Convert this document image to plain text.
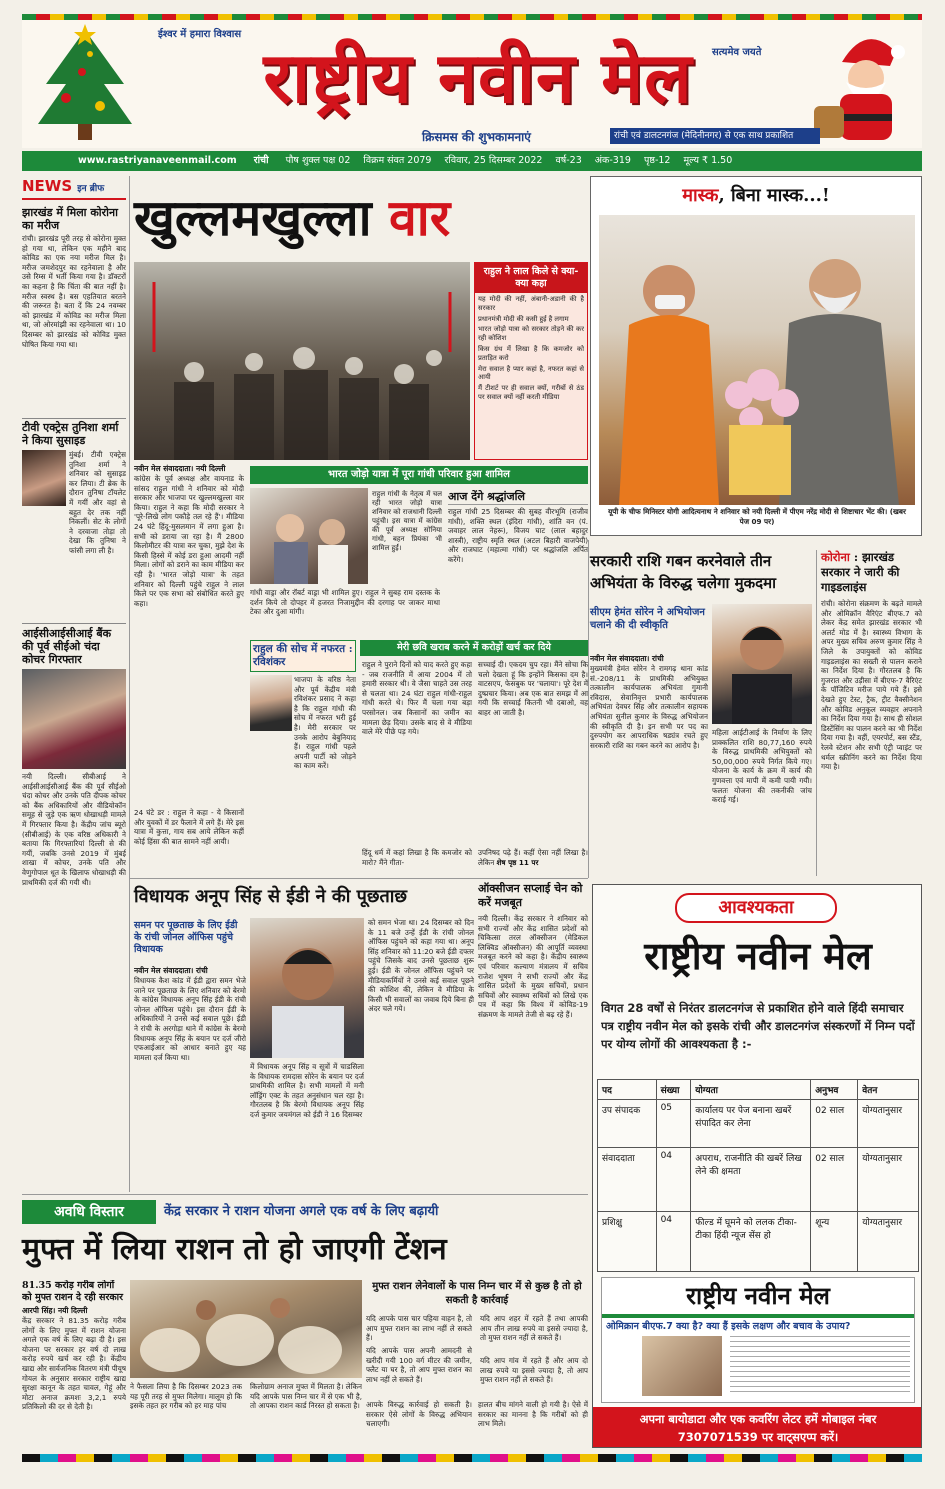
ईश्वर में हमारा विश्वास
सत्यमेव जयते
राष्ट्रीय नवीन मेल
क्रिसमस की शुभकामनाएं	रांची एवं डालटनगंज (मेदिनीनगर) से एक साथ प्रकाशित
www.rastriyanaveenmail.com रांची पौष शुक्ल पक्ष 02 विक्रम संवत 2079 रविवार, 25 दिसम्बर 2022 वर्ष-23 अंक-319 पृष्ठ-12 मूल्य ₹ 1.50
NEWS इन ब्रीफ
झारखंड में मिला कोरोना का मरीज
रांची। झारखंड पूरी तरह से कोरोना मुक्त हो गया था, लेकिन एक महीने बाद कोविड का एक नया मरीज मिल है। मरीज जमशेदपुर का रहनेवाला है और उसे रिम्स में भर्ती किया गया है। डॉक्टरों का कहना है कि चिंता की बात नहीं है। मरीज स्वस्थ है। बस एहतियात बरतने की जरूरत है। बता दें कि 24 नवम्बर को झारखंड में कोविड का मरीज मिला था, जो ओरमांझी का रहनेवाला था। 10 दिसम्बर को झारखंड को कोविड मुक्त घोषित किया गया था।
टीवी एक्ट्रेस तुनिशा शर्मा ने किया सुसाइड
मुंबई। टीवी एक्ट्रेस तुनिशा शर्मा ने शनिवार को सुसाइड कर लिया। टी ब्रेक के दौरान तुनिषा टॉयलेट में गयीं और वहां से बहुत देर तक नहीं निकलीं। सेट के लोगों ने दरवाजा तोड़ा तो देखा कि तुनिषा ने फांसी लगा ली है।
आईसीआईसीआई बैंक की पूर्व सीईओ चंदा कोचर गिरफ्तार
नयी दिल्ली। सीबीआई ने आईसीआईसीआई बैंक की पूर्व सीईओ चंदा कोचर और उनके पति दीपक कोचर को बैंक अधिकारियों और वीडियोकॉन समूह से जुड़े एक ऋण धोखाधड़ी मामले में गिरफ्तार किया है। केंद्रीय जांच ब्यूरो (सीबीआई) के एक वरिष्ठ अधिकारी ने बताया कि गिरफ्तारियां दिल्ली से की गयीं, जबकि उनसे 2019 में मुंबई शाखा में कोचर, उनके पति और वेणुगोपाल धूत के खिलाफ धोखाधड़ी की प्राथमिकी दर्ज की गयी थी।
खुल्लमखुल्ला वार
राहुल ने लाल किले से क्या-क्या कहा
यह मोदी की नहीं, अंबानी-अडानी की है सरकार
प्रधानमंत्री मोदी की कसी हुई है लगाम
भारत जोड़ो यात्रा को सरकार तोड़ने की कर रही कोशिश
किस ग्रंथ में लिखा है कि कमजोर को प्रताड़ित करो
मेरा सवाल है प्यार कहां है, नफरत कहां से आयी
मैं टीशर्ट पर ही सवाल क्यों, गरीबों से ठंड पर सवाल क्यों नहीं करती मीडिया
नवीन मेल संवाददाता। नयी दिल्ली
कांग्रेस के पूर्व अध्यक्ष और वायनाड के सांसद राहुल गांधी ने शनिवार को मोदी सरकार और भाजपा पर खुल्लमखुल्ला वार किया। राहुल ने कहा कि मोदी सरकार ने 'पूरे-लिखे लोग पकौड़े तल रहे हैं'। मीडिया 24 घंटे हिंदू-मुसलमान में लगा हुआ है। सभी को डराया जा रहा है। मैं 2800 किलोमीटर की यात्रा कर चुका, मुझे देश के किसी हिस्से में कोई डरा हुआ आदमी नहीं मिला। लोगों को डराने का काम मीडिया कर रही है। 'भारत जोड़ो यात्रा' के तहत शनिवार को दिल्ली पहुंचे राहुल ने लाल किले पर एक सभा को संबोधित करते हुए कहा।
24 घंटे डर : राहुल ने कहा - ये किसानों और युवकों में डर फैलाने में लगे हैं। मेरे इस यात्रा में कुत्ता, गाय सब आये लेकिन कहीं कोई हिंसा की बात सामने नहीं आयी।
भारत जोड़ो यात्रा में पूरा गांधी परिवार हुआ शामिल
राहुल गांधी के नेतृत्व में चल रही भारत जोड़ो यात्रा शनिवार को राजधानी दिल्ली पहुंची। इस यात्रा में कांग्रेस की पूर्व अध्यक्ष सोनिया गांधी, बहन प्रियंका भी शामिल हुईं।
गांधी वाड्रा और रॉबर्ट वाड्रा भी शामिल हुए। राहुल ने सुबह राम दस्तक के दर्शन किये तो दोपहर में हजरत निजामुद्दीन की दरगाह पर जाकर माथा टेका और दुआ मांगी।
आज देंगे श्रद्धांजलि
राहुल गांधी 25 दिसम्बर की सुबह वीरभूमि (राजीव गांधी), शक्ति स्थल (इंदिरा गांधी), शांति वन (पं. जवाहर लाल नेहरू), विजय घाट (लाल बहादुर शास्त्री), राष्ट्रीय स्मृति स्थल (अटल बिहारी वाजपेयी) और राजघाट (महात्मा गांधी) पर श्रद्धांजलि अर्पित करेंगे।
राहुल की सोच में नफरत : रविशंकर
भाजपा के वरिष्ठ नेता और पूर्व केंद्रीय मंत्री रविशंकर प्रसाद ने कहा है कि राहुल गांधी की सोच में नफरत भरी हुई है। मेरी सरकार पर उनके आरोप बेबुनियाद हैं। राहुल गांधी पहले अपनी पार्टी को जोड़ने का काम करें।
मेरी छवि खराब करने में करोड़ों खर्च कर दिये
राहुल ने पुराने दिनों को याद करते हुए कहा - जब राजनीति में आया 2004 में तो हमारी सरकार थी। वे जैसा चाहते उस तरह से चलता था। 24 घंटा राहुल गांधी-राहुल गांधी करते थे। फिर मैं चला गया बड़ा परसोनल। जब किसानों का जमीन का मामला छेड़ दिया। उसके बाद से वे मीडिया वाले मेरे पीछे पड़ गये।
सच्चाई दी। एकदम चुप रहा। मैंने सोचा कि चलो देखता हूं कि इन्होंने किसका दम है। वाटसएप, फेसबुक पर 'चलाया'। पूरे देश में दुष्प्रचार किया। अब एक बात समझ में आ गयी कि सच्चाई कितनी भी दबाओ, वह बाहर आ जाती है।
हिंदू धर्म में कहां लिखा है कि कमजोर को मारो? मैंने गीता-
उपनिषद पढ़े हैं। कहीं ऐसा नहीं लिखा है। लेकिन शेष पृष्ठ 11 पर
मास्क, बिना मास्क...!
यूपी के चीफ मिनिस्टर योगी आदित्यनाथ ने शनिवार को नयी दिल्ली में पीएम नरेंद्र मोदी से शिष्टाचार भेंट की। (खबर पेज 09 पर)
सरकारी राशि गबन करनेवाले तीन अभियंता के विरुद्ध चलेगा मुकदमा
सीएम हेमंत सोरेन ने अभियोजन चलाने की दी स्वीकृति
नवीन मेल संवाददाता। रांची
मुख्यमंत्री हेमंत सोरेन ने रामगढ़ थाना कांड सं.-208/11 के प्राथमिकी अभियुक्त तत्कालीन कार्यपालक अभियंता गुमानी रविदास, सेवानिवृत्त प्रभारी कार्यपालक अभियंता देवघर सिंह और तत्कालीन सहायक अभियंता सुनील कुमार के विरुद्ध अभियोजन की स्वीकृति दी है। इन सभी पर पद का दुरुपयोग कर आपराधिक षड्यंत्र रचते हुए सरकारी राशि का गबन करने का आरोप है।
महिला आईटीआई के निर्माण के लिए प्राक्कलित राशि 80,77,160 रुपये के विरुद्ध प्राथमिकी अभियुक्तों को 50,00,000 रुपये निर्गत किये गए। योजना के कार्य के क्रम में कार्य की गुणवत्ता एवं मापी में कमी पायी गयी। फलतः योजना की तकनीकी जांच कराई गई।
कोरोना : झारखंड सरकार ने जारी की गाइडलाइंस
रांची। कोरोना संक्रमण के बढ़ते मामले और ओमिक्रॉन वैरिएंट बीएफ.7 को लेकर केंद्र समेत झारखंड सरकार भी अलर्ट मोड में है। स्वास्थ्य विभाग के अपर मुख्य सचिव अरुण कुमार सिंह ने जिले के उपायुक्तों को कोविड गाइडलाइंस का सख्ती से पालन कराने का निर्देश दिया है। गौरतलब है कि गुजरात और उड़ीसा में बीएफ-7 वैरिएंट के पॉजिटिव मरीज पाये गये हैं। इसे देखते हुए टेस्ट, ट्रैक, ट्रीट वैक्सीनेशन और कोविड अनुकूल व्यवहार अपनाने का निर्देश दिया गया है। साथ ही सोशल डिस्टेंसिंग का पालन करने का भी निर्देश दिया गया है। वहीं, एयरपोर्ट, बस स्टैंड, रेलवे स्टेशन और सभी एंट्री प्वाइंट पर थर्मल स्क्रीनिंग करने का निर्देश दिया गया है।
विधायक अनूप सिंह से ईडी ने की पूछताछ
समन पर पूछताछ के लिए ईडी के रांची जोनल ऑफिस पहुंचे विधायक
नवीन मेल संवाददाता। रांची
विधायक कैश कांड में ईडी द्वारा समन भेजे जाने पर पूछताछ के लिए शनिवार को बेरमो के कांग्रेस विधायक अनूप सिंह ईडी के रांची जोनल ऑफिस पहुंचे। इस दौरान ईडी के अधिकारियों ने उनसे कई सवाल पूछे। ईडी ने रांची के अरगोड़ा थाने में कांग्रेस के बेरमो विधायक अनूप सिंह के बयान पर दर्ज जीरो एफआईआर को आधार बनाते हुए यह मामला दर्ज किया था।
में विधायक अनूप सिंह व सूत्रों में चाडसिला के विधायक रामदास सोरेन के बयान पर दर्ज प्राथमिकी शामिल है। सभी मामलों में मनी लॉड्रिंग एक्ट के तहत अनुसंधान चल रहा है। गौरतलब है कि बेरमो विधायक अनूप सिंह दर्ज कुमार जयमंगल को ईडी ने 16 दिसम्बर
को समन भेजा था। 24 दिसम्बर को दिन के 11 बजे उन्हें ईडी के रांची जोनल ऑफिस पहुंचने को कहा गया था। अनूप सिंह शनिवार को 11:20 बजे ईडी दफ्तर पहुंचे जिसके बाद उनसे पूछताछ शुरू हुई। ईडी के जोनल ऑफिस पहुंचने पर मीडियाकर्मियों ने उनसे कई सवाल पूछने की कोशिश की, लेकिन वे मीडिया के किसी भी सवालों का जवाब दिये बिना ही अंदर चले गये।
ऑक्सीजन सप्लाई चेन को करें मजबूत
नयी दिल्ली। केंद्र सरकार ने शनिवार को सभी राज्यों और केंद्र शासित प्रदेशों को चिकित्सा तरल ऑक्सीजन (मेडिकल लिक्विड ऑक्सीजन) की आपूर्ति व्यवस्था मजबूत करने को कहा है। केंद्रीय स्वास्थ्य एवं परिवार कल्याण मंत्रालय में सचिव राजेश भूषण ने सभी राज्यों और केंद्र शासित प्रदेशों के मुख्य सचिवों, प्रधान सचिवों और स्वास्थ्य सचिवों को लिखे एक पत्र में कहा कि विश्व में कोविड-19 संक्रमण के मामले तेजी से बढ़ रहे हैं।
आवश्यकता
राष्ट्रीय नवीन मेल
विगत 28 वर्षों से निरंतर डालटनगंज से प्रकाशित होने वाले हिंदी समाचार पत्र राष्ट्रीय नवीन मेल को इसके रांची और डालटनगंज संस्करणों में निम्न पदों पर योग्य लोगों की आवश्यकता है :-
पद	संख्या	योग्यता	अनुभव	वेतन
उप संपादक	05	कार्यालय पर पेज बनाना खबरें संपादित कर लेना	02 साल	योग्यतानुसार
संवाददाता	04	अपराध, राजनीति की खबरें लिख लेने की क्षमता	02 साल	योग्यतानुसार
प्रशिक्षु	04	फील्ड में घूमने को ललक टीका-टीका हिंदी न्यूज सेंस हो	शून्य	योग्यतानुसार
राष्ट्रीय नवीन मेल
ओमिक्रान बीएफ.7 क्या है? क्या हैं इसके लक्षण और बचाव के उपाय?
अपना बायोडाटा और एक कवरिंग लेटर हमें मोबाइल नंबर 7307071539 पर वाट्सएप्प करें।
अवधि विस्तार	केंद्र सरकार ने राशन योजना अगले एक वर्ष के लिए बढ़ायी
मुफ्त में लिया राशन तो हो जाएगी टेंशन
81.35 करोड़ गरीब लोगों को मुफ्त राशन दे रही सरकार
आरपी सिंह। नयी दिल्ली
केंद्र सरकार ने 81.35 करोड़ गरीब लोगों के लिए मुफ्त में राशन योजना अगले एक वर्ष के लिए बढ़ा दी है। इस योजना पर सरकार हर वर्ष दो लाख करोड़ रुपये खर्च कर रही है। केंद्रीय खाद्य और सार्वजनिक वितरण मंत्री पीयूष गोयल के अनुसार सरकार राष्ट्रीय खाद्य सुरक्षा कानून के तहत चावल, गेहूं और मोटा अनाज क्रमशः 3,2,1 रुपये प्रतिकिलो की दर से देती है।
ने फैसला लिया है कि दिसम्बर 2023 तक यह पूरी तरह से मुफ्त मिलेगा। मालूम हो कि इसके तहत हर गरीब को हर माह पांच
किलोग्राम अनाज मुफ्त में मिलता है। लेकिन यदि आपके पास निम्न चार में से एक भी है, तो आपका राशन कार्ड निरस्त हो सकता है।
मुफ्त राशन लेनेवालों के पास निम्न चार में से कुछ है तो हो सकती है कार्रवाई
यदि आपके पास चार पहिया वाहन है, तो आप मुफ्त राशन का लाभ नहीं ले सकते हैं।
यदि आपके पास अपनी आमदनी से खरीदी गयी 100 वर्ग मीटर की जमीन, फ्लैट या घर है, तो आप मुफ्त राशन का लाभ नहीं ले सकते हैं।
यदि आप शहर में रहते हैं तथा आपकी आय तीन लाख रुपये वा इससे ज्यादा है, तो मुफ्त राशन नहीं ले सकते हैं।
यदि आप गांव में रहते हैं और आय दो लाख रुपये या इससे ज्यादा है, तो आप मुफ्त राशन नहीं ले सकते हैं।
आपके विरुद्ध कार्रवाई हो सकती है। सरकार ऐसे लोगों के विरुद्ध अभियान चलाएगी।
हालत बीच मांगने वाली हो गयी है। ऐसे में सरकार का मानना है कि गरीबों को ही लाभ मिले।
